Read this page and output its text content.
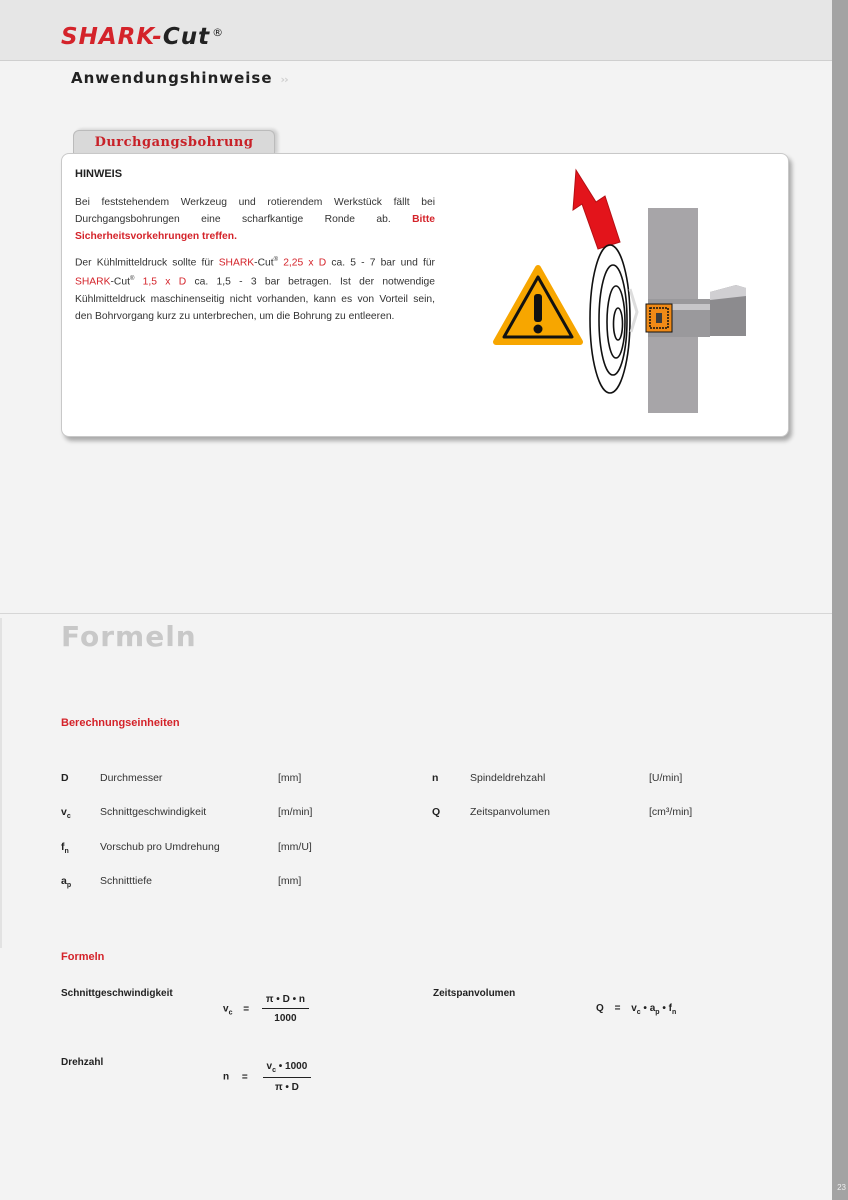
SHARK-Cut ®
23
Anwendungshinweise ››
Durchgangsbohrung
HINWEIS

Bei feststehendem Werkzeug und rotierendem Werkstück fällt bei Durchgangsbohrungen eine scharfkantige Ronde ab. Bitte Sicherheitsvorkehrungen treffen.

Der Kühlmitteldruck sollte für SHARK-Cut® 2,25 x D ca. 5 - 7 bar und für SHARK-Cut® 1,5 x D ca. 1,5 - 3 bar betragen. Ist der notwendige Kühlmitteldruck maschinenseitig nicht vorhanden, kann es von Vorteil sein, den Bohrvorgang kurz zu unterbrechen, um die Bohrung zu entleeren.

Formeln
Berechnungseinheiten
D	Durchmesser	[mm]
$v_c$	Schnittgeschwindigkeit	[m/min]
$f_n$	Vorschub pro Umdrehung	[mm/U]
$a_p$	Schnitttiefe	[mm]
n	Spindeldrehzahl	[U/min]
Q	Zeitspanvolumen	[cm³/min]
Formeln
Schnittgeschwindigkeit
$v_c = \frac{\pi • D • n}{1000}$
Zeitspanvolumen
$Q = v_c$ • $a_p$ • $f_n$
Drehzahl
$n = \frac{v_c • 1000}{\pi • D}$
